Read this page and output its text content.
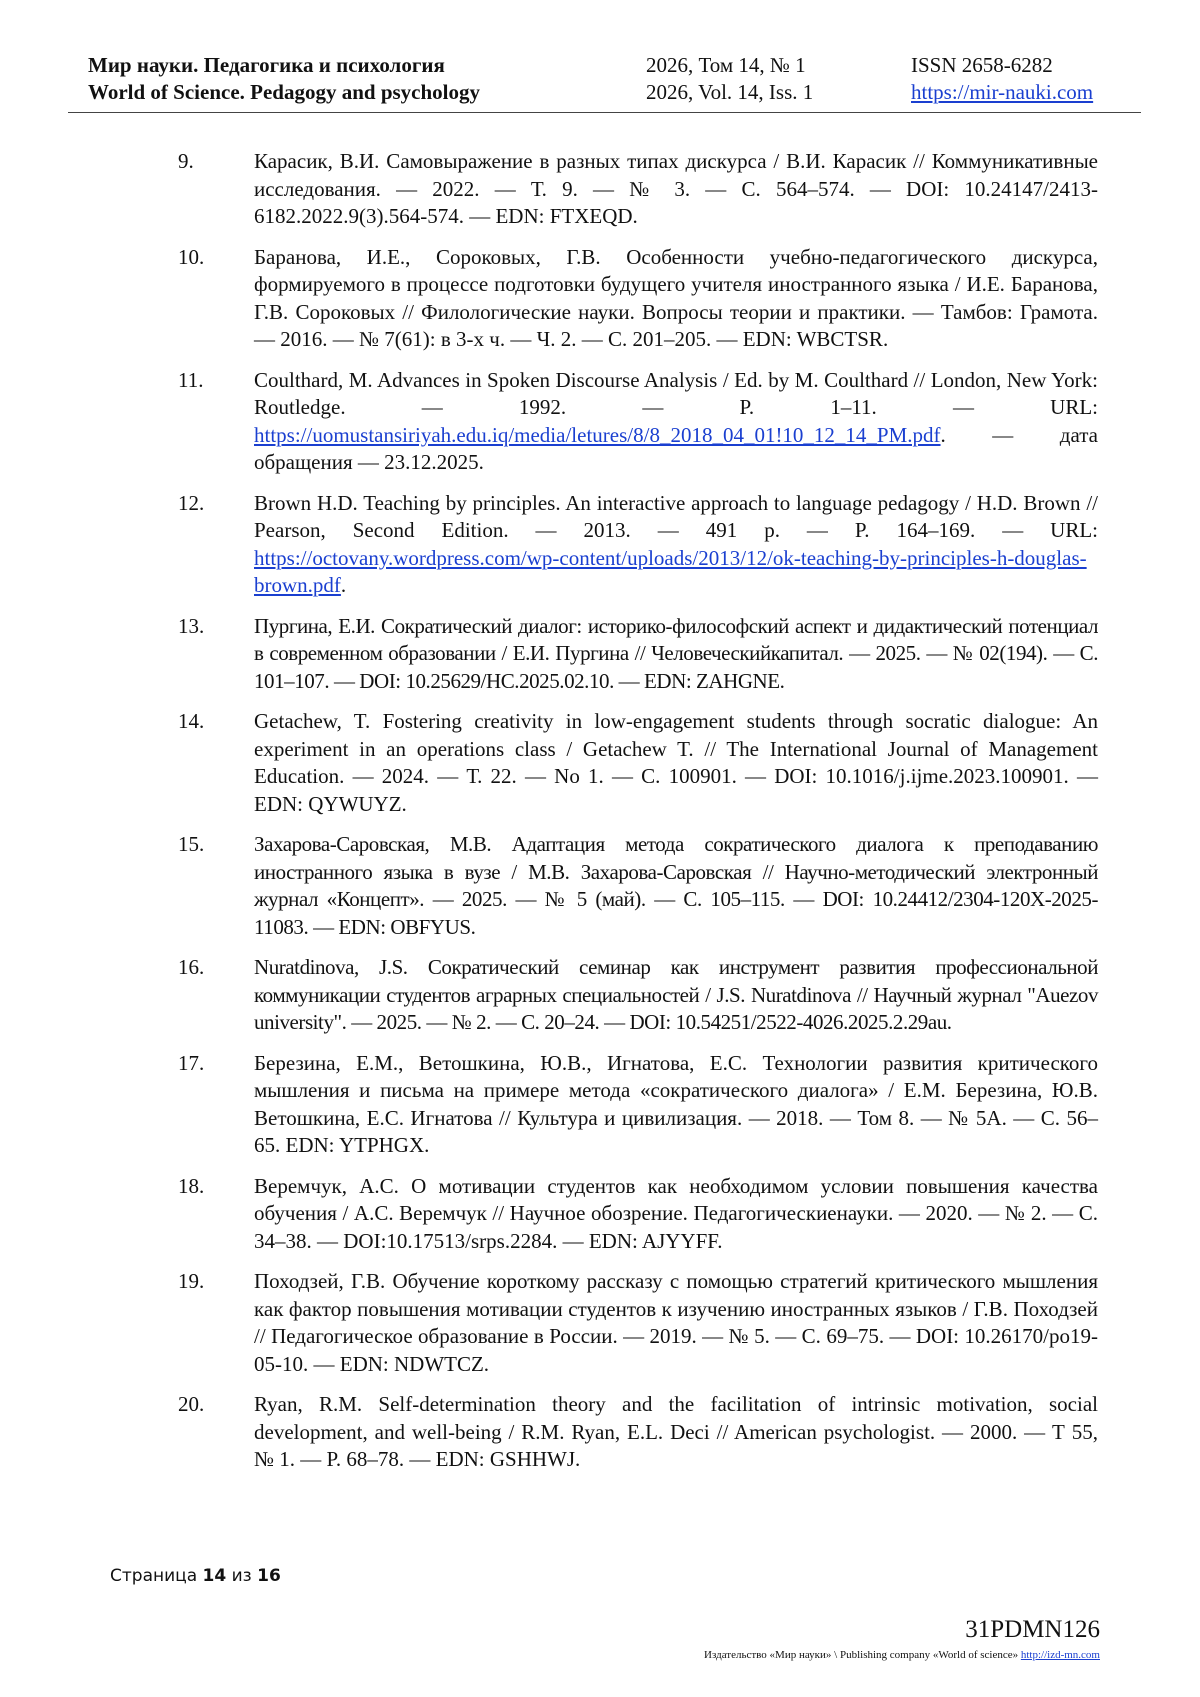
Мир науки. Педагогика и психология	2026, Том 14, № 1	ISSN 2658-6282
World of Science. Pedagogy and psychology	2026, Vol. 14, Iss. 1	https://mir-nauki.com
9.	Карасик, В.И. Самовыражение в разных типах дискурса / В.И. Карасик // Коммуникативные исследования. — 2022. — Т. 9. — № 3. — С. 564–574. — DOI: 10.24147/2413-6182.2022.9(3).564-574. — EDN: FTXEQD.
10.	Баранова, И.Е., Сороковых, Г.В. Особенности учебно-педагогического дискурса, формируемого в процессе подготовки будущего учителя иностранного языка / И.Е. Баранова, Г.В. Сороковых // Филологические науки. Вопросы теории и практики. — Тамбов: Грамота. — 2016. — № 7(61): в 3-х ч. — Ч. 2. — С. 201–205. — EDN: WBCTSR.
11.	Coulthard, M. Advances in Spoken Discourse Analysis / Ed. by M. Coulthard // London, New York: Routledge. — 1992. — P. 1–11. — URL: https://uomustansiriyah.edu.iq/media/letures/8/8_2018_04_01!10_12_14_PM.pdf. — дата обращения — 23.12.2025.
12.	Brown H.D. Teaching by principles. An interactive approach to language pedagogy / H.D. Brown // Pearson, Second Edition. — 2013. — 491 p. — P. 164–169. — URL: https://octovany.wordpress.com/wp-content/uploads/2013/12/ok-teaching-by-principles-h-douglas-brown.pdf.
13.	Пургина, Е.И. Сократический диалог: историко-философский аспект и дидактический потенциал в современном образовании / Е.И. Пургина // Человеческийкапитал. — 2025. — № 02(194). — С. 101–107. — DOI: 10.25629/HC.2025.02.10. — EDN: ZAHGNE.
14.	Getachew, T. Fostering creativity in low-engagement students through socratic dialogue: An experiment in an operations class / Getachew T. // The International Journal of Management Education. — 2024. — Т. 22. — No 1. — С. 100901. — DOI: 10.1016/j.ijme.2023.100901. — EDN: QYWUYZ.
15.	Захарова-Саровская, М.В. Адаптация метода сократического диалога к преподаванию иностранного языка в вузе / М.В. Захарова-Саровская // Научно-методический электронный журнал «Концепт». — 2025. — № 5 (май). — С. 105–115. — DOI: 10.24412/2304-120X-2025-11083. — EDN: OBFYUS.
16.	Nuratdinova, J.S. Сократический семинар как инструмент развития профессиональной коммуникации студентов аграрных специальностей / J.S. Nuratdinova // Научный журнал "Auezov university". — 2025. — № 2. — С. 20–24. — DOI: 10.54251/2522-4026.2025.2.29au.
17.	Березина, Е.М., Ветошкина, Ю.В., Игнатова, Е.С. Технологии развития критического мышления и письма на примере метода «сократического диалога» / Е.М. Березина, Ю.В. Ветошкина, Е.С. Игнатова // Культура и цивилизация. — 2018. — Том 8. — № 5А. — С. 56–65. EDN: YTPHGX.
18.	Веремчук, А.С. О мотивации студентов как необходимом условии повышения качества обучения / А.С. Веремчук // Научное обозрение. Педагогическиенауки. — 2020. — № 2. — С. 34–38. — DOI:10.17513/srps.2284. — EDN: AJYYFF.
19.	Походзей, Г.В. Обучение короткому рассказу с помощью стратегий критического мышления как фактор повышения мотивации студентов к изучению иностранных языков / Г.В. Походзей // Педагогическое образование в России. — 2019. — № 5. — С. 69–75. — DOI: 10.26170/po19-05-10. — EDN: NDWTCZ.
20.	Ryan, R.M. Self-determination theory and the facilitation of intrinsic motivation, social development, and well-being / R.M. Ryan, E.L. Deci // American psychologist. — 2000. — Т 55, № 1. — P. 68–78. — EDN: GSHHWJ.
Страница 14 из 16
31PDMN126
Издательство «Мир науки» \ Publishing company «World of science» http://izd-mn.com
